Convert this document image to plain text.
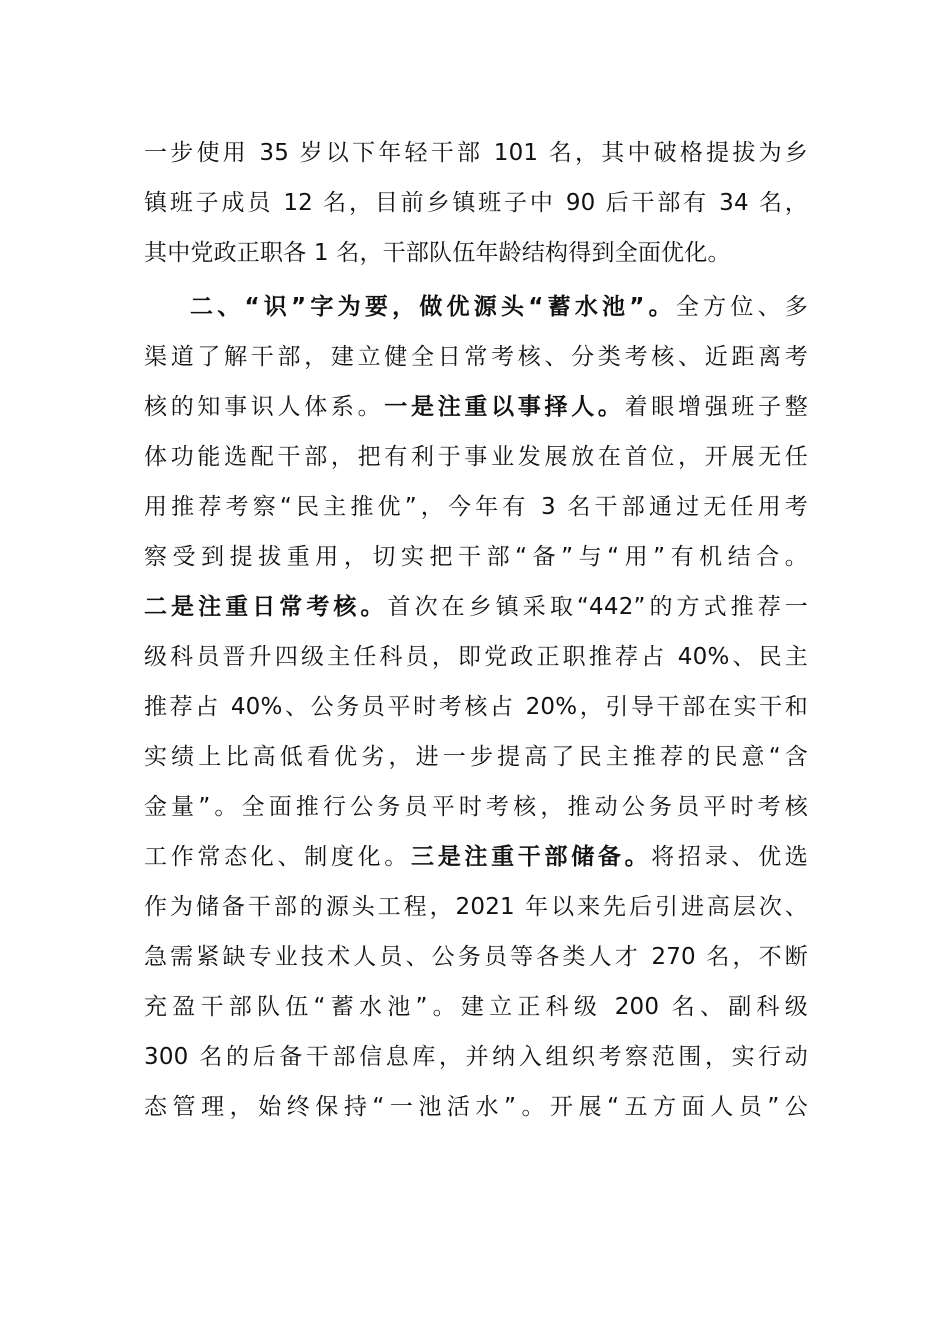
一步使用 35 岁以下年轻干部 101 名，其中破格提拔为乡
镇班子成员 12 名，目前乡镇班子中 90 后干部有 34 名，
其中党政正职各 1 名，干部队伍年龄结构得到全面优化。
二、“识”字为要，做优源头“蓄水池”。全方位、多
渠道了解干部，建立健全日常考核、分类考核、近距离考
核的知事识人体系。一是注重以事择人。着眼增强班子整
体功能选配干部，把有利于事业发展放在首位，开展无任
用推荐考察“民主推优”，今年有 3 名干部通过无任用考
察受到提拔重用，切实把干部“备”与“用”有机结合。
二是注重日常考核。首次在乡镇采取“442”的方式推荐一
级科员晋升四级主任科员，即党政正职推荐占 40%、民主
推荐占 40%、公务员平时考核占 20%，引导干部在实干和
实绩上比高低看优劣，进一步提高了民主推荐的民意“含
金量”。全面推行公务员平时考核，推动公务员平时考核
工作常态化、制度化。三是注重干部储备。将招录、优选
作为储备干部的源头工程，2021 年以来先后引进高层次、
急需紧缺专业技术人员、公务员等各类人才 270 名，不断
充盈干部队伍“蓄水池”。建立正科级 200 名、副科级
300 名的后备干部信息库，并纳入组织考察范围，实行动
态管理，始终保持“一池活水”。开展“五方面人员”公
